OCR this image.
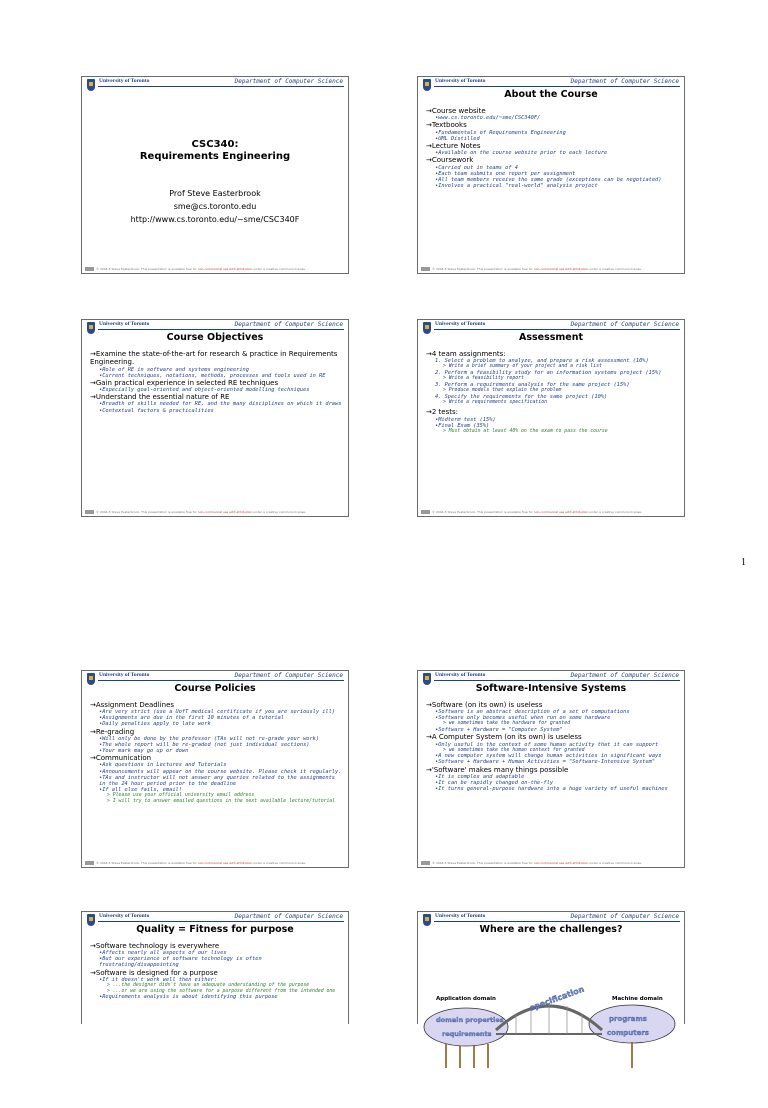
University of Toronto	Department of Computer Science
CSC340:
Requirements Engineering
Prof Steve Easterbrook
sme@cs.toronto.edu
http://www.cs.toronto.edu/~sme/CSC340F
© 2004-5 Steve Easterbrook. This presentation is available free for non-commercial use with attribution under a creative commons license.
University of Toronto	Department of Computer Science
About the Course

→ Course website

• www.cs.toronto.edu/~sme/CSC340F/

→ Textbooks

• Fundamentals of Requirements Engineering

• UML Distilled

→ Lecture Notes

• Available on the course website prior to each lecture

→ Coursework

• Carried out in teams of 4

• Each team submits one report per assignment

• All team members receive the same grade (exceptions can be negotiated)

• Involves a practical "real-world" analysis project

© 2004-5 Steve Easterbrook. This presentation is available free for non-commercial use with attribution under a creative commons license.
University of Toronto	Department of Computer Science
Course Objectives

→ Examine the state-of-the-art for research & practice in Requirements Engineering.

• Role of RE in software and systems engineering

• Current techniques, notations, methods, processes and tools used in RE

→ Gain practical experience in selected RE techniques

• Especially goal-oriented and object-oriented modelling techniques

→ Understand the essential nature of RE

• Breadth of skills needed for RE, and the many disciplines on which it draws

• Contextual factors & practicalities

© 2004-5 Steve Easterbrook. This presentation is available free for non-commercial use with attribution under a creative commons license.
University of Toronto	Department of Computer Science
Assessment

→ 4 team assignments:

1. Select a problem to analyze, and prepare a risk assessment (10%)

> Write a brief summary of your project and a risk list

2. Perform a feasibility study for an information systems project (15%)

> Write a feasibility report

3. Perform a requirements analysis for the same project (15%)

> Produce models that explain the problem

4. Specify the requirements for the same project (10%)

> Write a requirements specification

→ 2 tests:

• Midterm test (15%)

• Final Exam (35%)

> Must obtain at least 40% on the exam to pass the course

© 2004-5 Steve Easterbrook. This presentation is available free for non-commercial use with attribution under a creative commons license.
1
University of Toronto	Department of Computer Science
Course Policies

→ Assignment Deadlines

• Are very strict (use a UofT medical certificate if you are seriously ill)

• Assignments are due in the first 10 minutes of a tutorial

• Daily penalties apply to late work

→ Re-grading

• Will only be done by the professor (TAs will not re-grade your work)

• The whole report will be re-graded (not just individual sections)

• Your mark may go up or down

→ Communication

• Ask questions in Lectures and Tutorials

• Announcements will appear on the course website. Please check it regularly.

• TAs and instructor will not answer any queries related to the assignments in the 24 hour period prior to the deadline

• If all else fails, email!

> Please use your official university email address

> I will try to answer emailed questions in the next available lecture/tutorial

© 2004-5 Steve Easterbrook. This presentation is available free for non-commercial use with attribution under a creative commons license.
University of Toronto	Department of Computer Science
Software-Intensive Systems

→ Software (on its own) is useless

• Software is an abstract description of a set of computations

• Software only becomes useful when run on some hardware

> we sometimes take the hardware for granted

• Software + Hardware = "Computer System"

→ A Computer System (on its own) is useless

• Only useful in the context of some human activity that it can support

> we sometimes take the human context for granted

• A new computer system will change human activities in significant ways

• Software + Hardware + Human Activities = "Software-Intensive System"

→ 'Software' makes many things possible

• It is complex and adaptable

• It can be rapidly changed on-the-fly

• It turns general-purpose hardware into a huge variety of useful machines

© 2004-5 Steve Easterbrook. This presentation is available free for non-commercial use with attribution under a creative commons license.
University of Toronto	Department of Computer Science
Quality = Fitness for purpose

→ Software technology is everywhere

• Affects nearly all aspects of our lives

• But our experience of software technology is often frustrating/disappointing

→ Software is designed for a purpose

• If it doesn't work well then either:

> ...the designer didn't have an adequate understanding of the purpose

> ...or we are using the software for a purpose different from the intended one

• Requirements analysis is about identifying this purpose

University of Toronto	Department of Computer Science
Where are the challenges?
Application domain	Machine domain
specification
domain properties
requirements
programs
computers
